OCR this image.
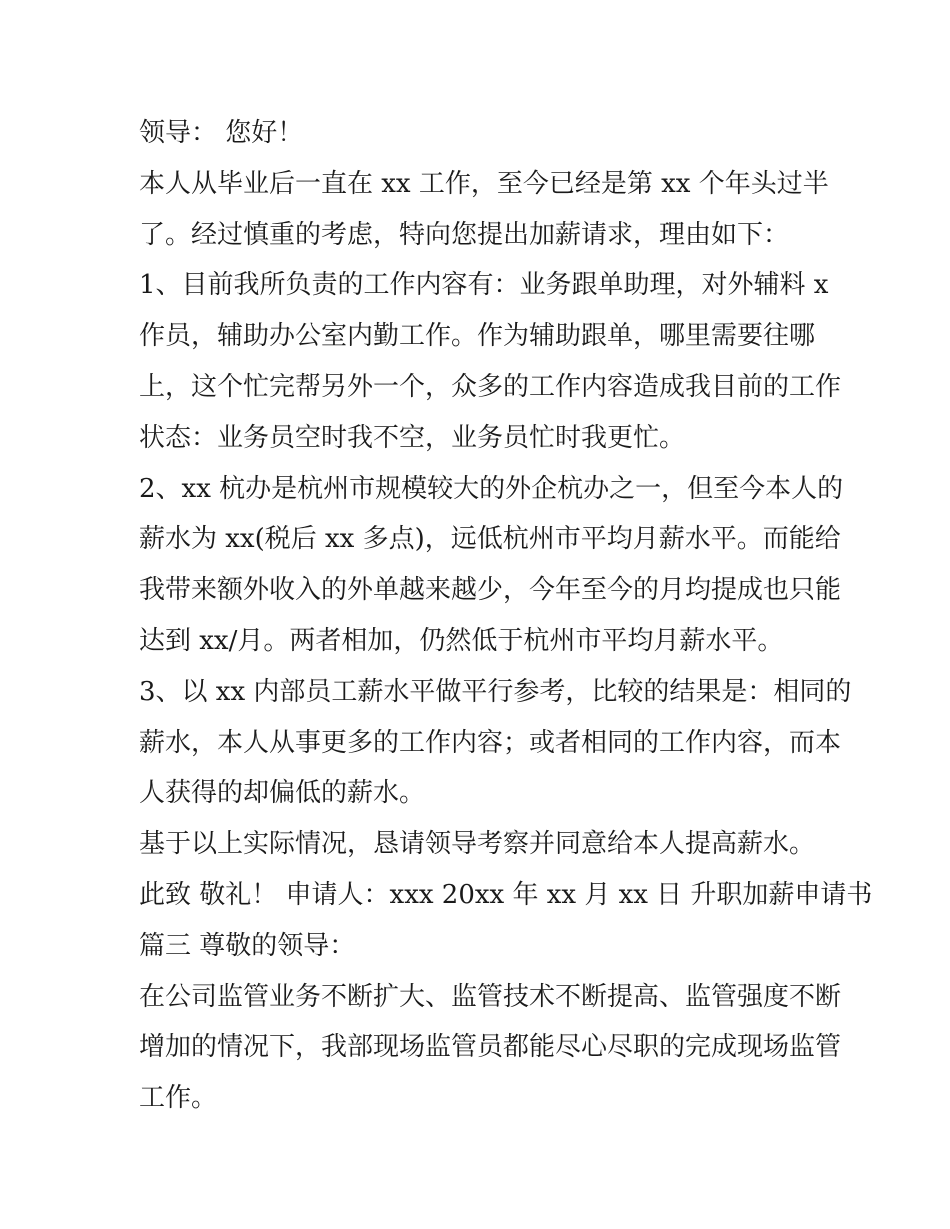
领导： 您好！
本人从毕业后一直在 xx 工作，至今已经是第 xx 个年头过半
了。经过慎重的考虑，特向您提出加薪请求，理由如下：
1、目前我所负责的工作内容有：业务跟单助理，对外辅料 x
作员，辅助办公室内勤工作。作为辅助跟单，哪里需要往哪
上，这个忙完帮另外一个，众多的工作内容造成我目前的工作
状态：业务员空时我不空，业务员忙时我更忙。
2、xx 杭办是杭州市规模较大的外企杭办之一，但至今本人的
薪水为 xx(税后 xx 多点)，远低杭州市平均月薪水平。而能给
我带来额外收入的外单越来越少，今年至今的月均提成也只能
达到 xx/月。两者相加，仍然低于杭州市平均月薪水平。
3、以 xx 内部员工薪水平做平行参考，比较的结果是：相同的
薪水，本人从事更多的工作内容；或者相同的工作内容，而本
人获得的却偏低的薪水。
基于以上实际情况，恳请领导考察并同意给本人提高薪水。
此致 敬礼！ 申请人：xxx 20xx 年 xx 月 xx 日 升职加薪申请书
篇三 尊敬的领导：
在公司监管业务不断扩大、监管技术不断提高、监管强度不断
增加的情况下，我部现场监管员都能尽心尽职的完成现场监管
工作。
